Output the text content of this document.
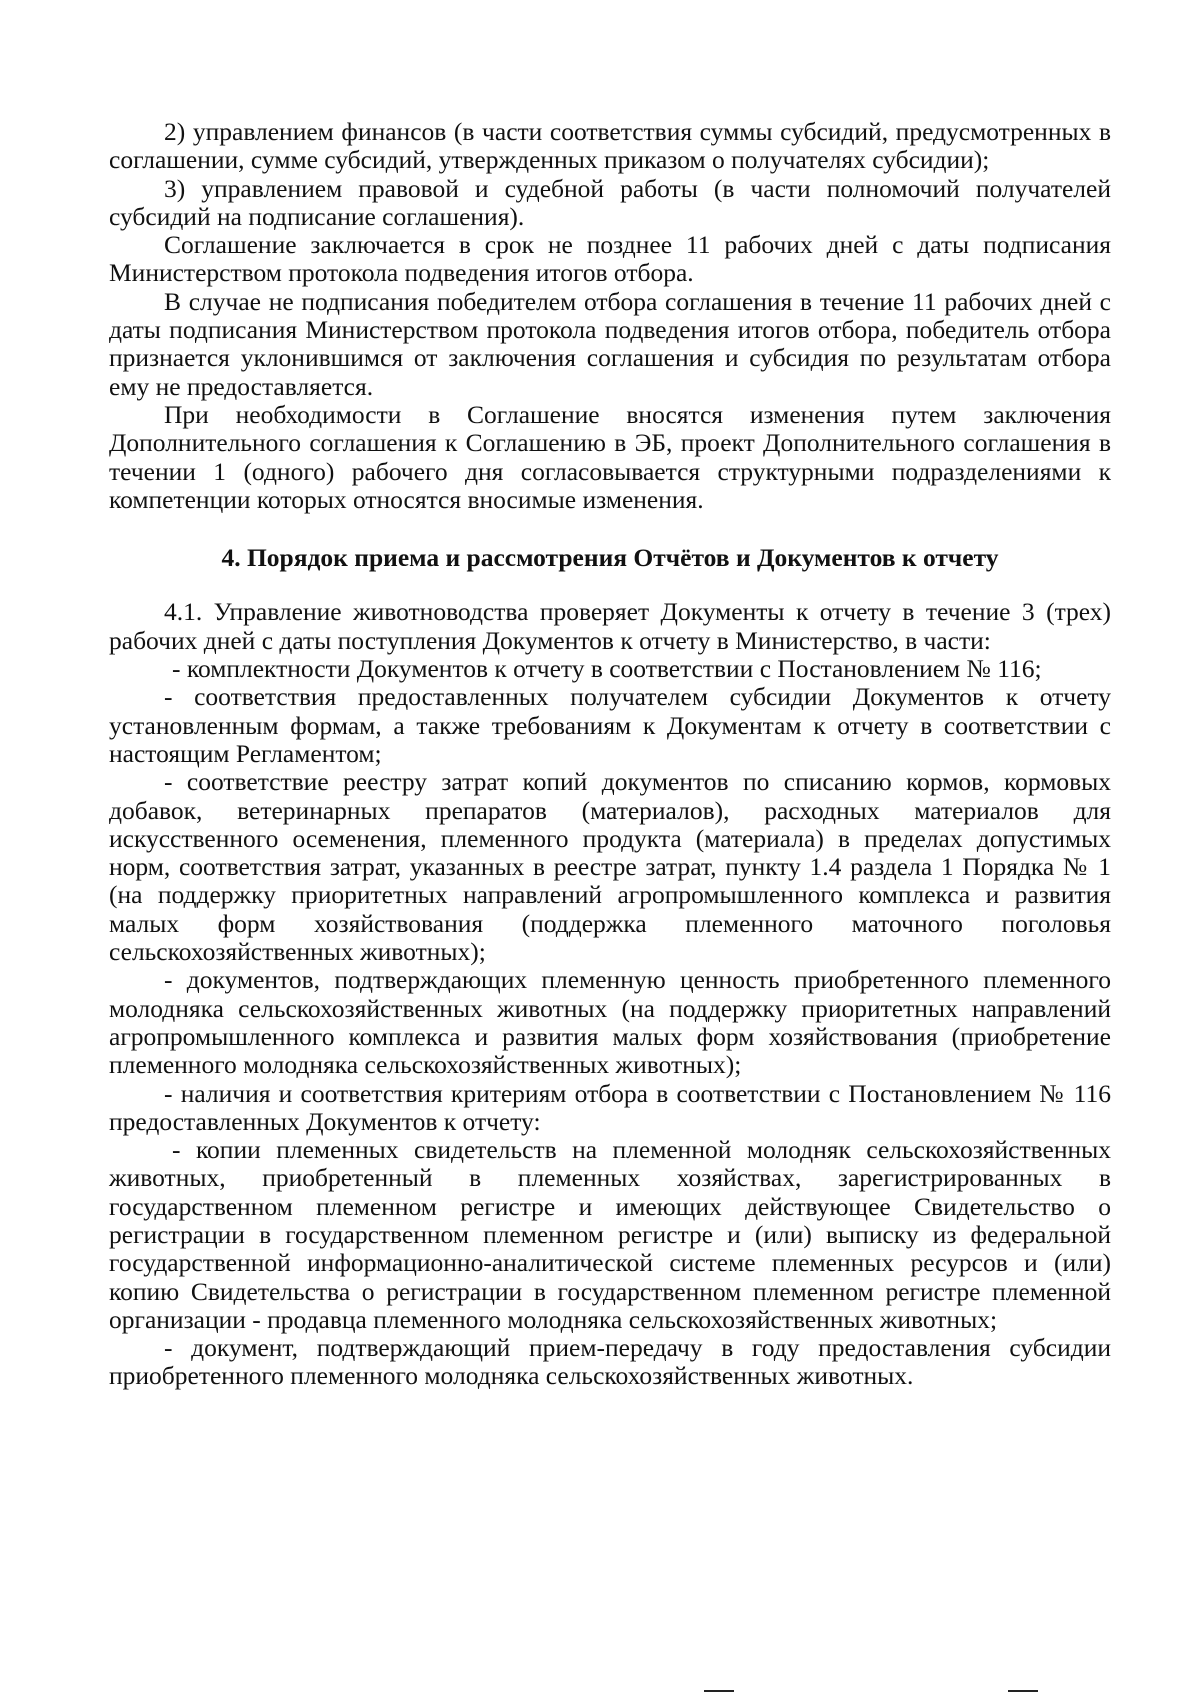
2) управлением финансов (в части соответствия суммы субсидий, предусмотренных в соглашении, сумме субсидий, утвержденных приказом о получателях субсидии);

3) управлением правовой и судебной работы (в части полномочий получателей субсидий на подписание соглашения).

Соглашение заключается в срок не позднее 11 рабочих дней с даты подписания Министерством протокола подведения итогов отбора.

В случае не подписания победителем отбора соглашения в течение 11 рабочих дней с даты подписания Министерством протокола подведения итогов отбора, победитель отбора признается уклонившимся от заключения соглашения и субсидия по результатам отбора ему не предоставляется.

При необходимости в Соглашение вносятся изменения путем заключения Дополнительного соглашения к Соглашению в ЭБ, проект Дополнительного соглашения в течении 1 (одного) рабочего дня согласовывается структурными подразделениями к компетенции которых относятся вносимые изменения.

4. Порядок приема и рассмотрения Отчётов и Документов к отчету

4.1. Управление животноводства проверяет Документы к отчету в течение 3 (трех) рабочих дней с даты поступления Документов к отчету в Министерство, в части:

- комплектности Документов к отчету в соответствии с Постановлением № 116;

- соответствия предоставленных получателем субсидии Документов к отчету установленным формам, а также требованиям к Документам к отчету в соответствии с настоящим Регламентом;

- соответствие реестру затрат копий документов по списанию кормов, кормовых добавок, ветеринарных препаратов (материалов), расходных материалов для искусственного осеменения, племенного продукта (материала) в пределах допустимых норм, соответствия затрат, указанных в реестре затрат, пункту 1.4 раздела 1 Порядка № 1 (на поддержку приоритетных направлений агропромышленного комплекса и развития малых форм хозяйствования (поддержка племенного маточного поголовья сельскохозяйственных животных);

- документов, подтверждающих племенную ценность приобретенного племенного молодняка сельскохозяйственных животных (на поддержку приоритетных направлений агропромышленного комплекса и развития малых форм хозяйствования (приобретение племенного молодняка сельскохозяйственных животных);

- наличия и соответствия критериям отбора в соответствии с Постановлением № 116 предоставленных Документов к отчету:

- копии племенных свидетельств на племенной молодняк сельскохозяйственных животных, приобретенный в племенных хозяйствах, зарегистрированных в государственном племенном регистре и имеющих действующее Свидетельство о регистрации в государственном племенном регистре и (или) выписку из федеральной государственной информационно-аналитической системе племенных ресурсов и (или) копию Свидетельства о регистрации в государственном племенном регистре племенной организации - продавца племенного молодняка сельскохозяйственных животных;

- документ, подтверждающий прием-передачу в году предоставления субсидии приобретенного племенного молодняка сельскохозяйственных животных.
